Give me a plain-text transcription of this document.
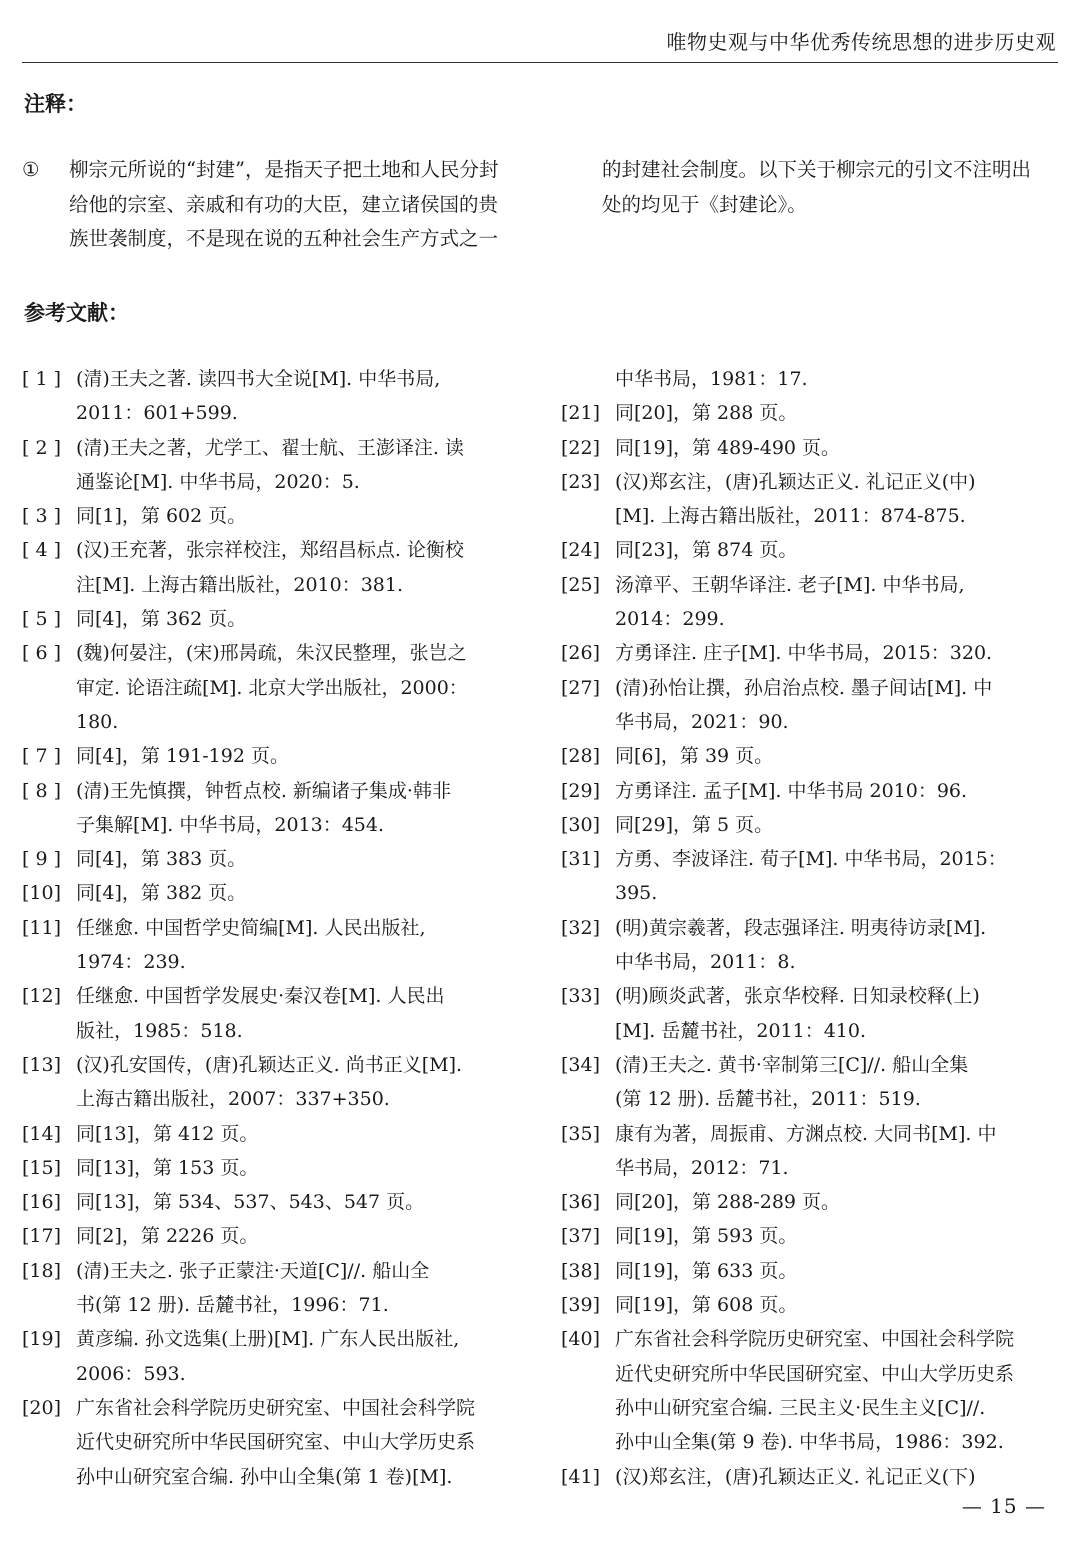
唯物史观与中华优秀传统思想的进步历史观
注释：
①	柳宗元所说的“封建”，是指天子把土地和人民分封
给他的宗室、亲戚和有功的大臣，建立诸侯国的贵
族世袭制度，不是现在说的五种社会生产方式之一
的封建社会制度。以下关于柳宗元的引文不注明出
处的均见于《封建论》。
参考文献：
[ 1 ] (清)王夫之著. 读四书大全说[M]. 中华书局,
2011：601+599.
[ 2 ] (清)王夫之著，尤学工、翟士航、王澎译注. 读
通鉴论[M]. 中华书局，2020：5.
[ 3 ] 同[1]，第 602 页。
[ 4 ] (汉)王充著，张宗祥校注，郑绍昌标点. 论衡校
注[M]. 上海古籍出版社，2010：381.
[ 5 ] 同[4]，第 362 页。
[ 6 ] (魏)何晏注，(宋)邢昺疏，朱汉民整理，张岂之
审定. 论语注疏[M]. 北京大学出版社，2000：
180.
[ 7 ] 同[4]，第 191-192 页。
[ 8 ] (清)王先慎撰，钟哲点校. 新编诸子集成·韩非
子集解[M]. 中华书局，2013：454.
[ 9 ] 同[4]，第 383 页。
[10] 同[4]，第 382 页。
[11] 任继愈. 中国哲学史简编[M]. 人民出版社,
1974：239.
[12] 任继愈. 中国哲学发展史·秦汉卷[M]. 人民出
版社，1985：518.
[13] (汉)孔安国传，(唐)孔颖达正义. 尚书正义[M].
上海古籍出版社，2007：337+350.
[14] 同[13]，第 412 页。
[15] 同[13]，第 153 页。
[16] 同[13]，第 534、537、543、547 页。
[17] 同[2]，第 2226 页。
[18] (清)王夫之. 张子正蒙注·天道[C]//. 船山全
书(第 12 册). 岳麓书社，1996：71.
[19] 黄彦编. 孙文选集(上册)[M]. 广东人民出版社,
2006：593.
[20] 广东省社会科学院历史研究室、中国社会科学院
近代史研究所中华民国研究室、中山大学历史系
孙中山研究室合编. 孙中山全集(第 1 卷)[M].
中华书局，1981：17.
[21] 同[20]，第 288 页。
[22] 同[19]，第 489-490 页。
[23] (汉)郑玄注，(唐)孔颖达正义. 礼记正义(中)
[M]. 上海古籍出版社，2011：874-875.
[24] 同[23]，第 874 页。
[25] 汤漳平、王朝华译注. 老子[M]. 中华书局,
2014：299.
[26] 方勇译注. 庄子[M]. 中华书局，2015：320.
[27] (清)孙怡让撰，孙启治点校. 墨子间诂[M]. 中
华书局，2021：90.
[28] 同[6]，第 39 页。
[29] 方勇译注. 孟子[M]. 中华书局 2010：96.
[30] 同[29]，第 5 页。
[31] 方勇、李波译注. 荀子[M]. 中华书局，2015：
395.
[32] (明)黄宗羲著，段志强译注. 明夷待访录[M].
中华书局，2011：8.
[33] (明)顾炎武著，张京华校释. 日知录校释(上)
[M]. 岳麓书社，2011：410.
[34] (清)王夫之. 黄书·宰制第三[C]//. 船山全集
(第 12 册). 岳麓书社，2011：519.
[35] 康有为著，周振甫、方渊点校. 大同书[M]. 中
华书局，2012：71.
[36] 同[20]，第 288-289 页。
[37] 同[19]，第 593 页。
[38] 同[19]，第 633 页。
[39] 同[19]，第 608 页。
[40] 广东省社会科学院历史研究室、中国社会科学院
近代史研究所中华民国研究室、中山大学历史系
孙中山研究室合编. 三民主义·民生主义[C]//.
孙中山全集(第 9 卷). 中华书局，1986：392.
[41] (汉)郑玄注，(唐)孔颖达正义. 礼记正义(下)
— 15 —
